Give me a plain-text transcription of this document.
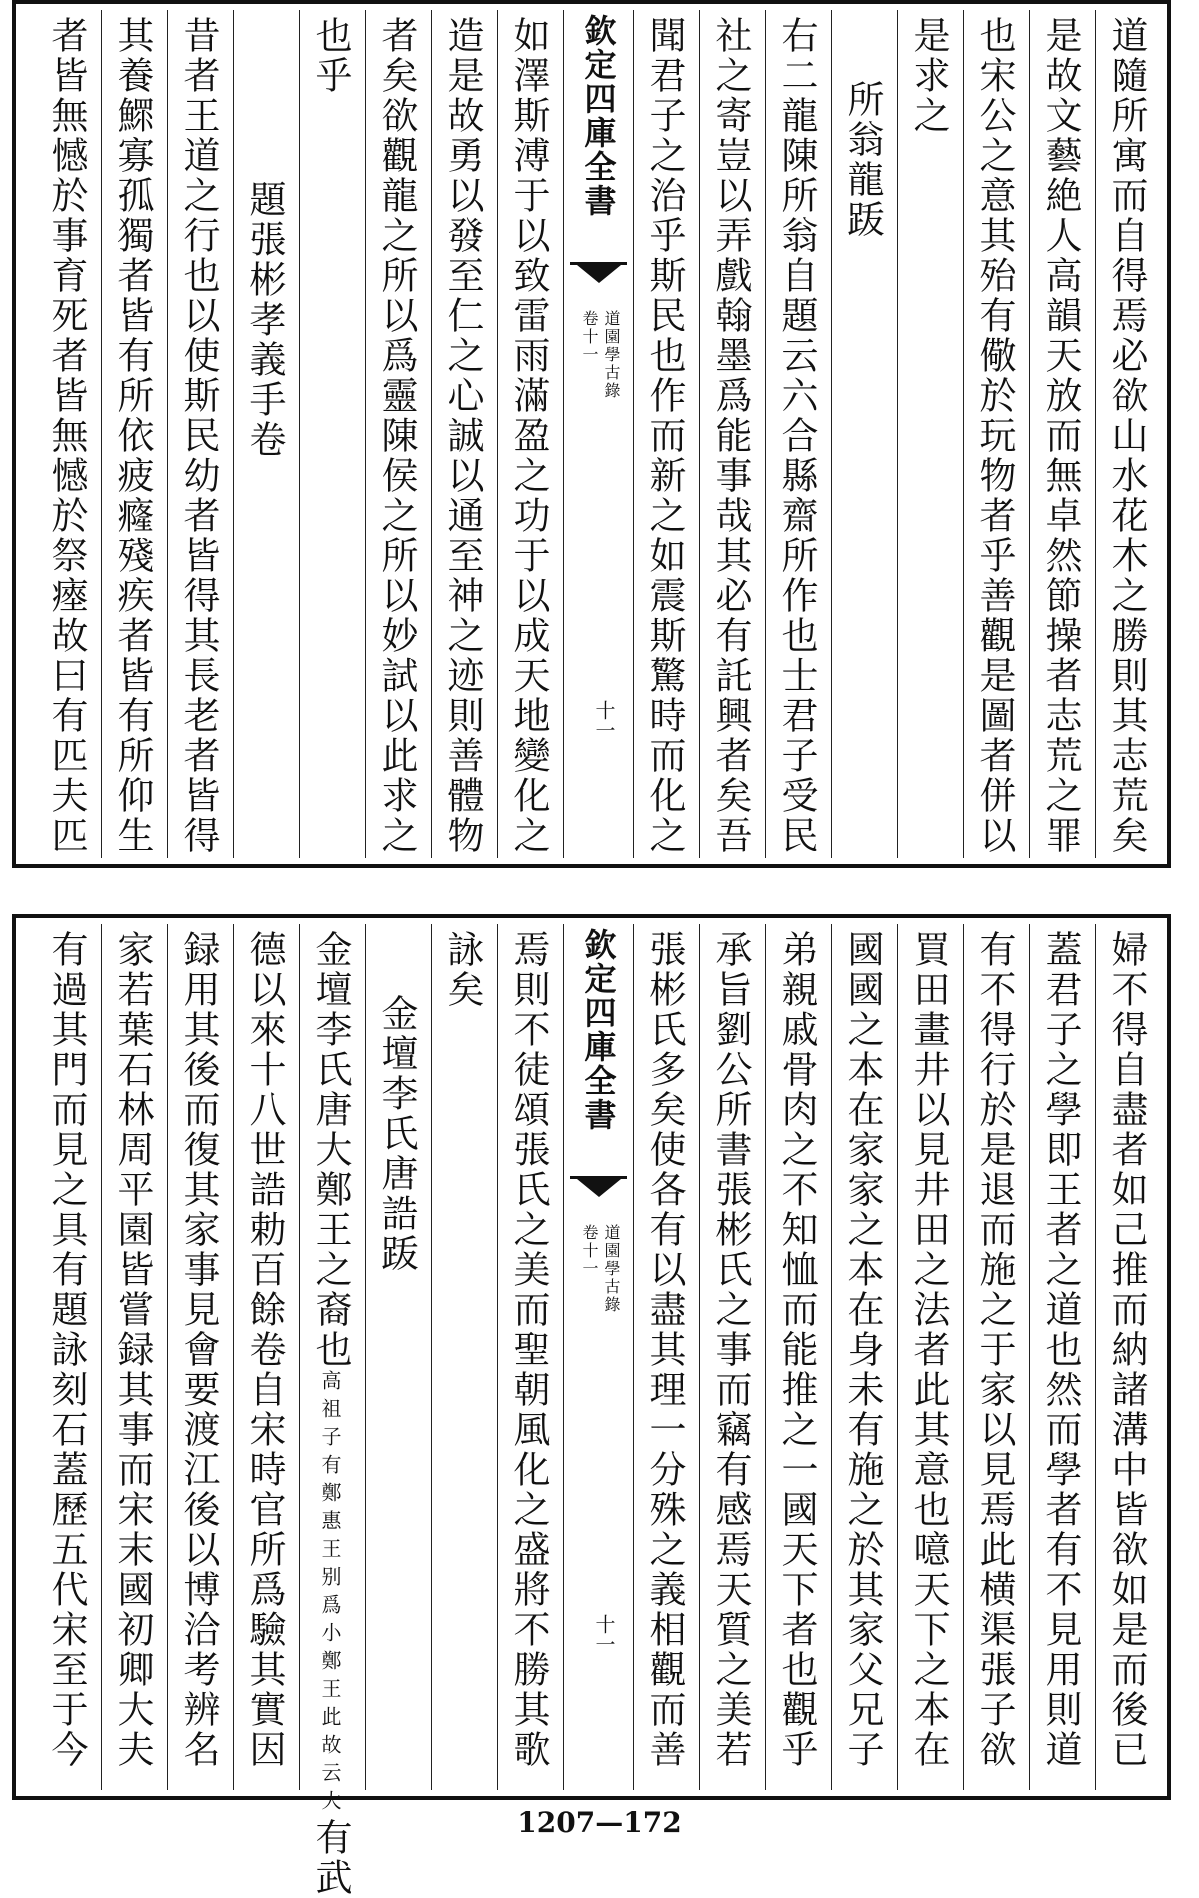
道隨所寓而自得焉必欲山水花木之勝則其志荒矣
是故文藝絶人高韻天放而無卓然節操者志荒之罪
也宋公之意其殆有儆於玩物者乎善觀是圖者併以
是求之
所翁龍䟦
右二龍陳所翁自題云六合縣齋所作也士君子受民
社之寄豈以弄戲翰墨爲能事哉其必有託興者矣吾
聞君子之治乎斯民也作而新之如震斯驚時而化之
欽定四庫全書
道園學古錄
卷十一
十一
如澤斯溥于以致雷雨滿盈之功于以成天地變化之
造是故勇以發至仁之心誠以通至神之迹則善體物
者矣欲觀龍之所以爲靈陳侯之所以妙試以此求之
也乎
題張彬孝義手卷
昔者王道之行也以使斯民幼者皆得其長老者皆得
其養鰥寡孤獨者皆有所依疲癃殘疾者皆有所仰生
者皆無憾於事育死者皆無憾於祭瘞故曰有匹夫匹
婦不得自盡者如己推而納諸溝中皆欲如是而後已
蓋君子之學即王者之道也然而學者有不見用則道
有不得行於是退而施之于家以見焉此横渠張子欲
買田畫井以見井田之法者此其意也噫天下之本在
國國之本在家家之本在身未有施之於其家父兄子
弟親戚骨肉之不知恤而能推之一國天下者也觀乎
承旨劉公所書張彬氏之事而竊有感焉天質之美若
張彬氏多矣使各有以盡其理一分殊之義相觀而善
欽定四庫全書
道園學古錄
卷十一
十一
焉則不徒頌張氏之美而聖朝風化之盛將不勝其歌
詠矣
金壇李氏唐誥䟦
金壇李氏唐大鄭王之裔也高祖子有鄭惠王别爲小鄭王此故云大有武
德以來十八世誥勅百餘卷自宋時官所爲驗其實因
録用其後而復其家事見會要渡江後以博洽考辨名
家若葉石林周平園皆嘗録其事而宋末國初卿大夫
有過其門而見之具有題詠刻石蓋歷五代宋至于今
1207—172
